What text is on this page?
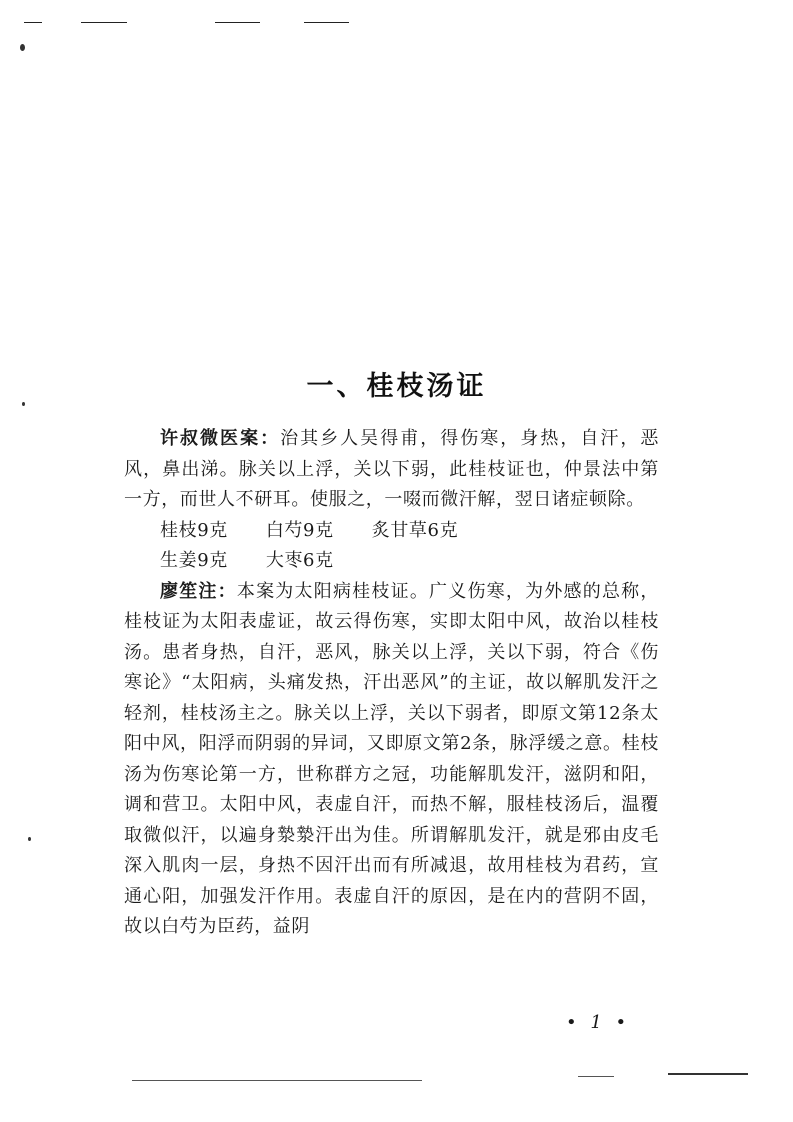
一、桂枝汤证

许叔微医案：治其乡人吴得甫，得伤寒，身热，自汗，恶风，鼻出涕。脉关以上浮，关以下弱，此桂枝证也，仲景法中第一方，而世人不研耳。使服之，一啜而微汗解，翌日诸症顿除。

桂枝9克 白芍9克 炙甘草6克
生姜9克 大枣6克

廖笙注：本案为太阳病桂枝证。广义伤寒，为外感的总称，桂枝证为太阳表虚证，故云得伤寒，实即太阳中风，故治以桂枝汤。患者身热，自汗，恶风，脉关以上浮，关以下弱，符合《伤寒论》“太阳病，头痛发热，汗出恶风”的主证，故以解肌发汗之轻剂，桂枝汤主之。脉关以上浮，关以下弱者，即原文第12条太阳中风，阳浮而阴弱的异词，又即原文第2条，脉浮缓之意。桂枝汤为伤寒论第一方，世称群方之冠，功能解肌发汗，滋阴和阳，调和营卫。太阳中风，表虚自汗，而热不解，服桂枝汤后，温覆取微似汗，以遍身漐漐汗出为佳。所谓解肌发汗，就是邪由皮毛深入肌肉一层，身热不因汗出而有所减退，故用桂枝为君药，宣通心阳，加强发汗作用。表虚自汗的原因，是在内的营阴不固，故以白芍为臣药，益阴

• 1 •
